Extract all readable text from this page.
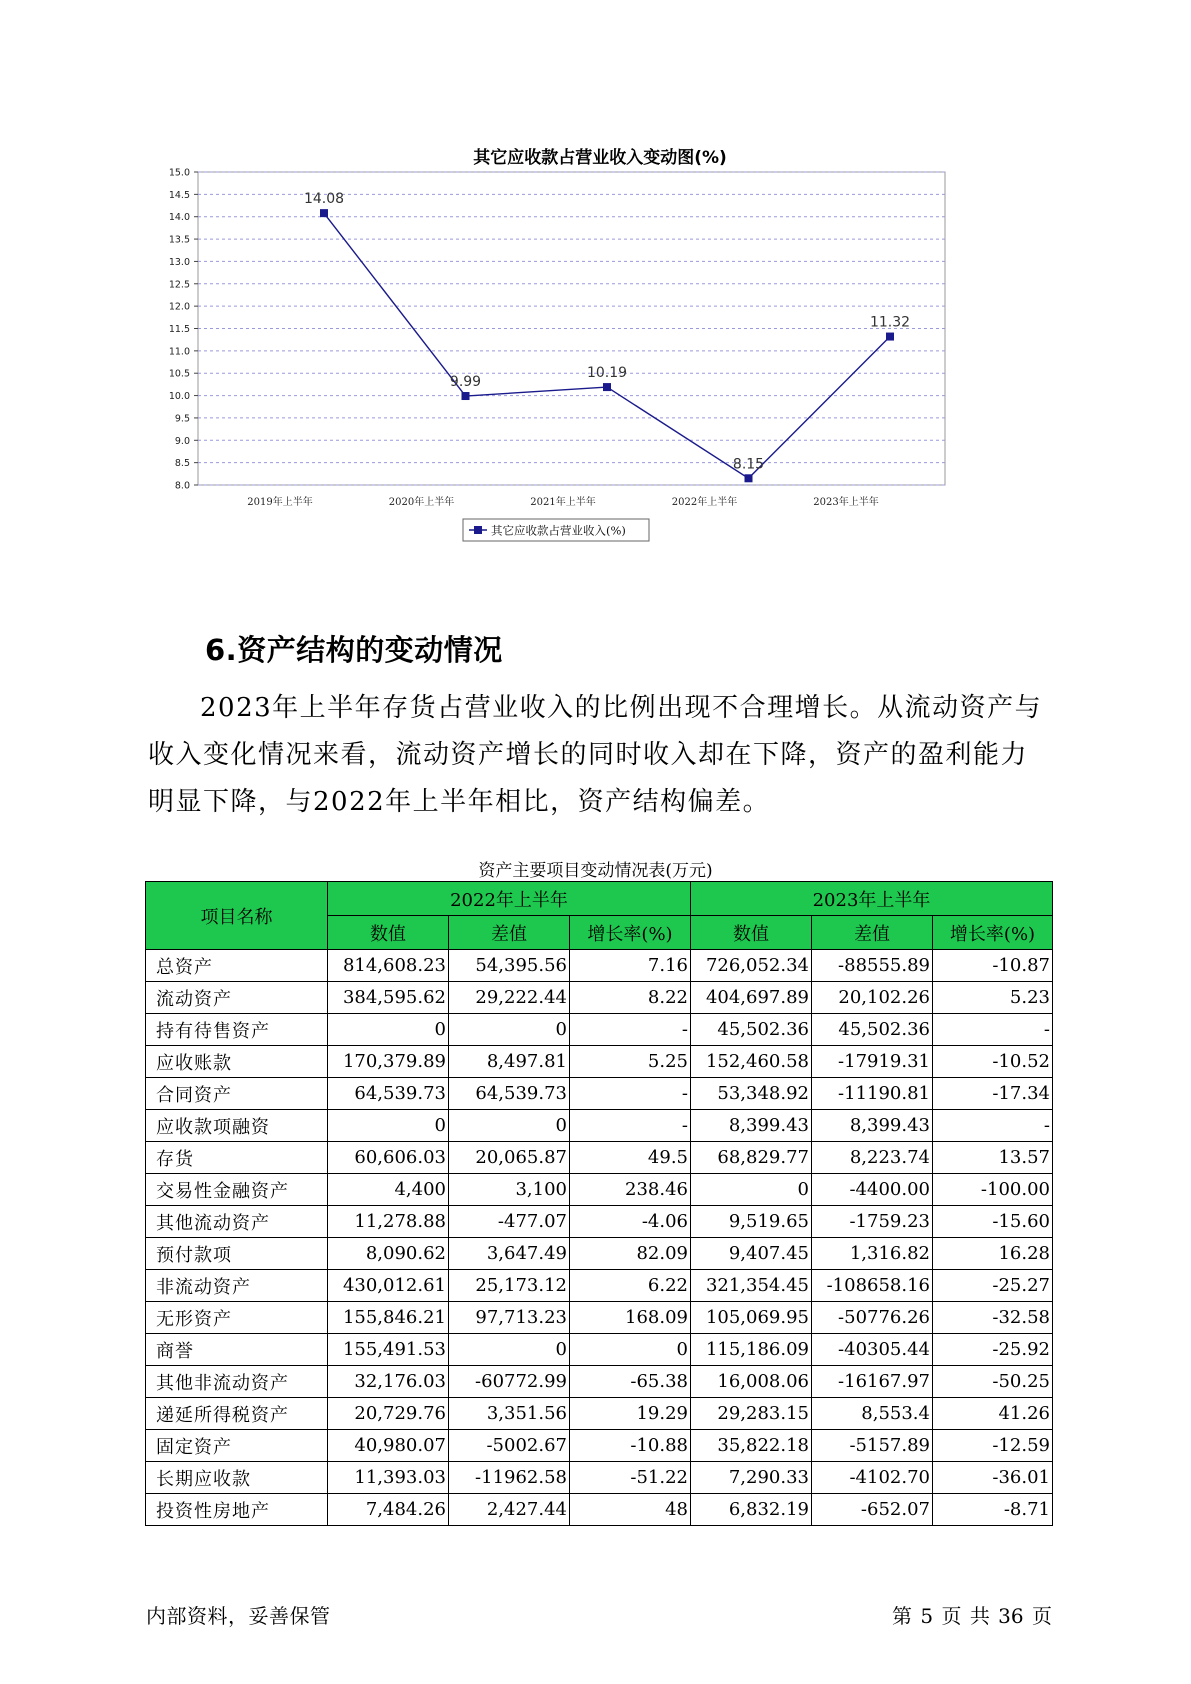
其它应收款占营业收入变动图(%)
15.0
14.5
14.0
13.5
13.0
12.5
12.0
11.5
11.0
10.5
10.0
9.5
9.0
8.5
8.0
2019年上半年	2020年上半年	2021年上半年	2022年上半年	2023年上半年
14.08
9.99
10.19
8.15
11.32
其它应收款占营业收入(%)
6.资产结构的变动情况
2023年上半年存货占营业收入的比例出现不合理增长。从流动资产与
收入变化情况来看，流动资产增长的同时收入却在下降，资产的盈利能力
明显下降，与2022年上半年相比，资产结构偏差。
资产主要项目变动情况表(万元)
项目名称	2022年上半年			2023年上半年		
	数值	差值	增长率(%)	数值	差值	增长率(%)
总资产	814,608.23	54,395.56	7.16	726,052.34	-88555.89	-10.87
流动资产	384,595.62	29,222.44	8.22	404,697.89	20,102.26	5.23
持有待售资产	0	0	-	45,502.36	45,502.36	-
应收账款	170,379.89	8,497.81	5.25	152,460.58	-17919.31	-10.52
合同资产	64,539.73	64,539.73	-	53,348.92	-11190.81	-17.34
应收款项融资	0	0	-	8,399.43	8,399.43	-
存货	60,606.03	20,065.87	49.5	68,829.77	8,223.74	13.57
交易性金融资产	4,400	3,100	238.46	0	-4400.00	-100.00
其他流动资产	11,278.88	-477.07	-4.06	9,519.65	-1759.23	-15.60
预付款项	8,090.62	3,647.49	82.09	9,407.45	1,316.82	16.28
非流动资产	430,012.61	25,173.12	6.22	321,354.45	-108658.16	-25.27
无形资产	155,846.21	97,713.23	168.09	105,069.95	-50776.26	-32.58
商誉	155,491.53	0	0	115,186.09	-40305.44	-25.92
其他非流动资产	32,176.03	-60772.99	-65.38	16,008.06	-16167.97	-50.25
递延所得税资产	20,729.76	3,351.56	19.29	29,283.15	8,553.4	41.26
固定资产	40,980.07	-5002.67	-10.88	35,822.18	-5157.89	-12.59
长期应收款	11,393.03	-11962.58	-51.22	7,290.33	-4102.70	-36.01
投资性房地产	7,484.26	2,427.44	48	6,832.19	-652.07	-8.71
内部资料，妥善保管	第 5 页 共 36 页
